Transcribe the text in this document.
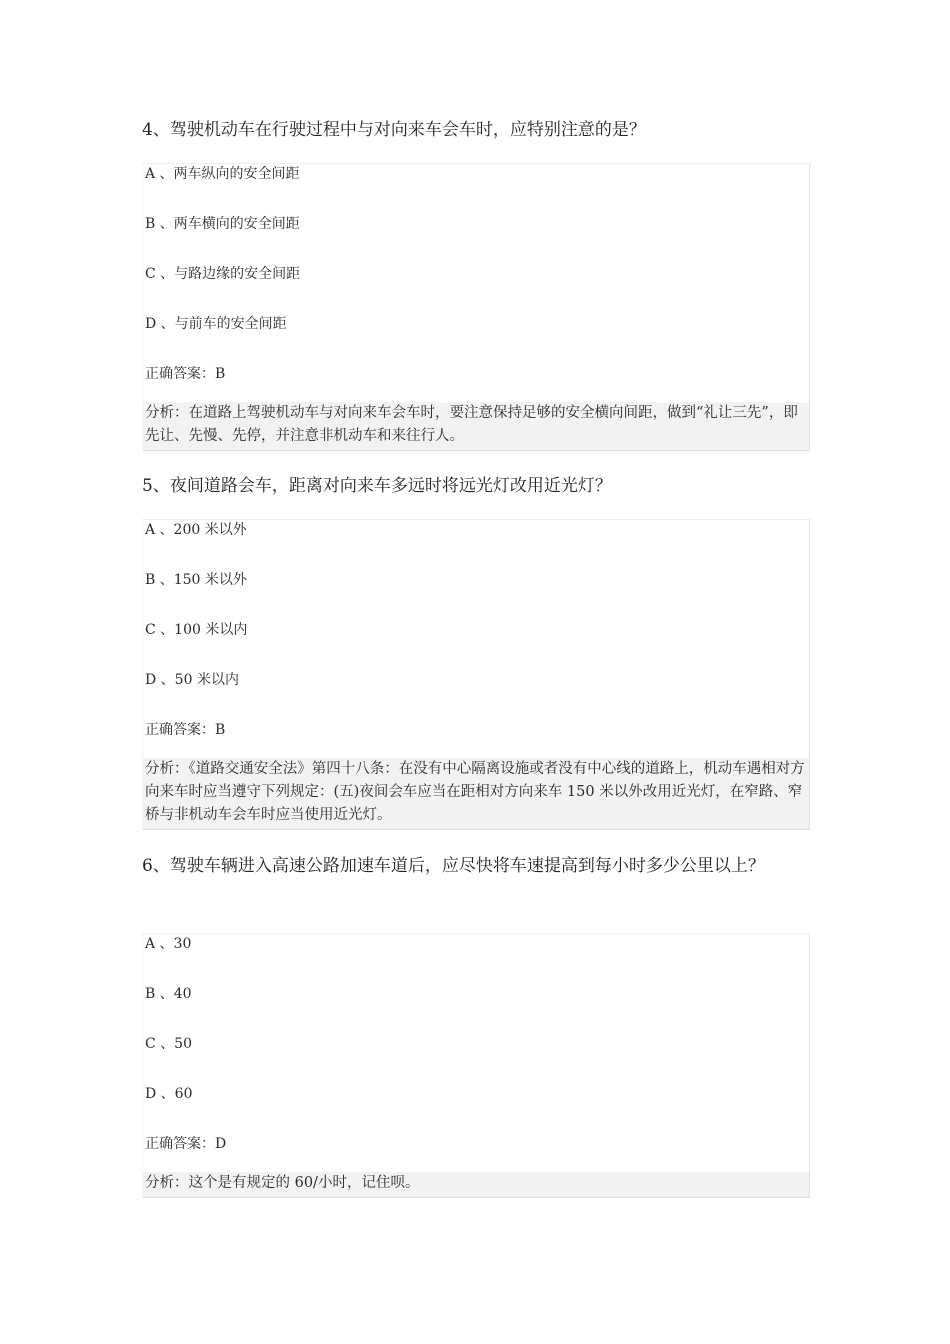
4、驾驶机动车在行驶过程中与对向来车会车时，应特别注意的是？

A 、两车纵向的安全间距
B 、两车横向的安全间距
C 、与路边缘的安全间距
D 、与前车的安全间距
正确答案：B
分析：在道路上驾驶机动车与对向来车会车时，要注意保持足够的安全横向间距，做到“礼让三先”，即先让、先慢、先停，并注意非机动车和来往行人。

5、夜间道路会车，距离对向来车多远时将远光灯改用近光灯？

A 、200 米以外
B 、150 米以外
C 、100 米以内
D 、50 米以内
正确答案：B
分析：《道路交通安全法》第四十八条：在没有中心隔离设施或者没有中心线的道路上，机动车遇相对方向来车时应当遵守下列规定：(五)夜间会车应当在距相对方向来车 150 米以外改用近光灯，在窄路、窄桥与非机动车会车时应当使用近光灯。

6、驾驶车辆进入高速公路加速车道后，应尽快将车速提高到每小时多少公里以上？

A 、30
B 、40
C 、50
D 、60
正确答案：D
分析：这个是有规定的 60/小时，记住呗。
